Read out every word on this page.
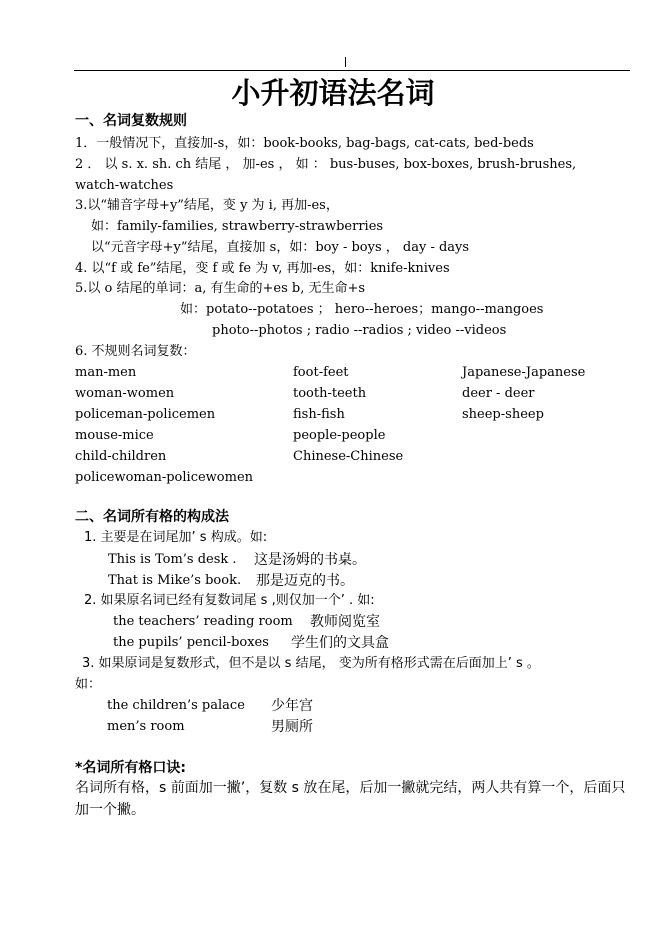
小升初语法名词
一、名词复数规则
1．一般情况下，直接加-s，如：book-books, bag-bags, cat-cats, bed-beds
2 ． 以 s. x. sh. ch 结尾 ， 加-es ， 如 ： bus-buses, box-boxes, brush-brushes,
watch-watches
3.以“辅音字母+y”结尾，变 y 为 i, 再加-es，
如：family-families, strawberry-strawberries
以“元音字母+y”结尾，直接加 s，如：boy - boys ， day - days
4. 以“f 或 fe”结尾，变 f 或 fe 为 v, 再加-es，如：knife-knives
5.以 o 结尾的单词：a, 有生命的+es b, 无生命+s
如：potato--potatoes ； hero--heroes；mango--mangoes
photo--photos ; radio --radios ; video --videos
6. 不规则名词复数：
man-men
woman-women
policeman-policemen
mouse-mice
child-children
policewoman-policewomen
foot-feet
tooth-teeth
fish-fish
people-people
Chinese-Chinese
Japanese-Japanese
deer - deer
sheep-sheep
二、名词所有格的构成法
1. 主要是在词尾加’ s 构成。如:
This is Tom’s desk . 这是汤姆的书桌。
That is Mike’s book. 那是迈克的书。
2. 如果原名词已经有复数词尾 s ,则仅加一个’ . 如:
the teachers’ reading room 教师阅览室
the pupils’ pencil-boxes 学生们的文具盒
3. 如果原词是复数形式，但不是以 s 结尾， 变为所有格形式需在后面加上’ s 。
如：
the children’s palace 少年宫
men’s room	男厕所
*名词所有格口诀:
名词所有格，s 前面加一撇’，复数 s 放在尾，后加一撇就完结，两人共有算一个，后面只加一个撇。
